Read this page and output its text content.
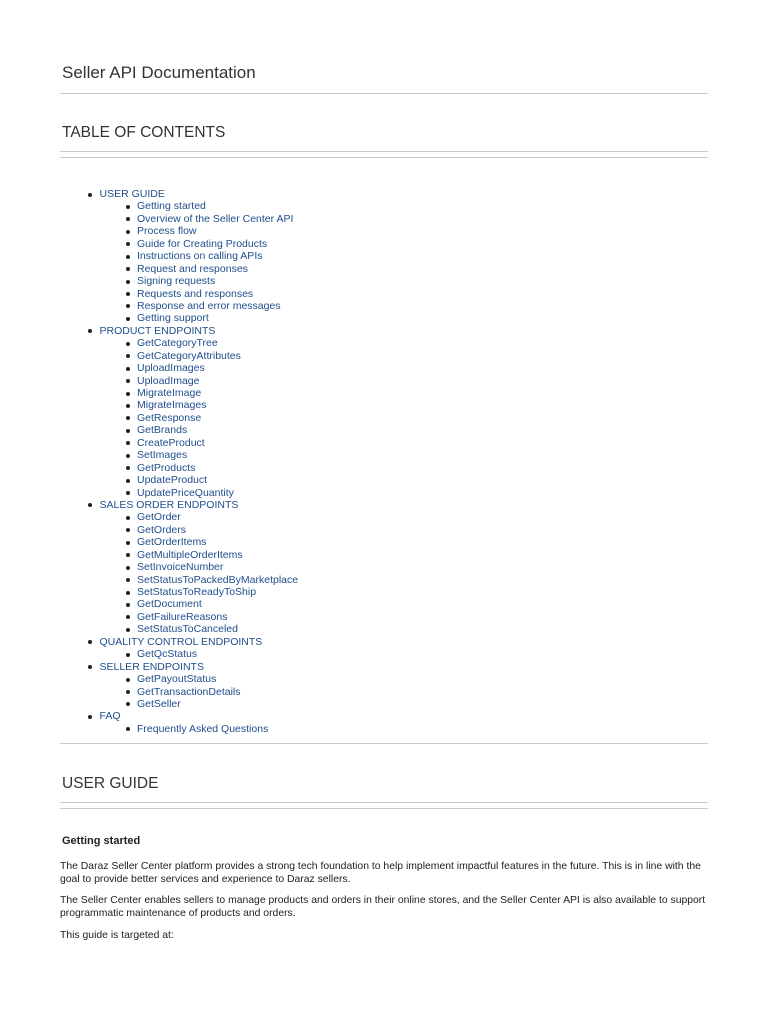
Seller API Documentation
TABLE OF CONTENTS
USER GUIDE
Getting started
Overview of the Seller Center API
Process flow
Guide for Creating Products
Instructions on calling APIs
Request and responses
Signing requests
Requests and responses
Response and error messages
Getting support
PRODUCT ENDPOINTS
GetCategoryTree
GetCategoryAttributes
UploadImages
UploadImage
MigrateImage
MigrateImages
GetResponse
GetBrands
CreateProduct
SetImages
GetProducts
UpdateProduct
UpdatePriceQuantity
SALES ORDER ENDPOINTS
GetOrder
GetOrders
GetOrderItems
GetMultipleOrderItems
SetInvoiceNumber
SetStatusToPackedByMarketplace
SetStatusToReadyToShip
GetDocument
GetFailureReasons
SetStatusToCanceled
QUALITY CONTROL ENDPOINTS
GetQcStatus
SELLER ENDPOINTS
GetPayoutStatus
GetTransactionDetails
GetSeller
FAQ
Frequently Asked Questions
USER GUIDE
Getting started

The Daraz Seller Center platform provides a strong tech foundation to help implement impactful features in the future. This is in line with the goal to provide better services and experience to Daraz sellers.

The Seller Center enables sellers to manage products and orders in their online stores, and the Seller Center API is also available to support programmatic maintenance of products and orders.

This guide is targeted at:
